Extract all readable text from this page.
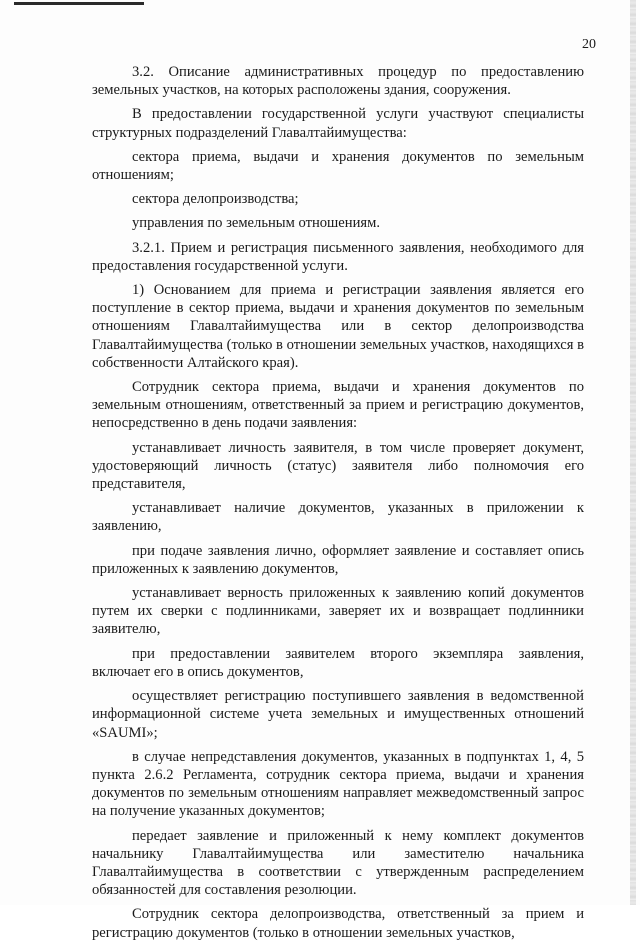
20

3.2. Описание административных процедур по предоставлению земельных участков, на которых расположены здания, сооружения.

В предоставлении государственной услуги участвуют специалисты структурных подразделений Главалтайимущества:

сектора приема, выдачи и хранения документов по земельным отношениям;

сектора делопроизводства;

управления по земельным отношениям.

3.2.1. Прием и регистрация письменного заявления, необходимого для предоставления государственной услуги.

1) Основанием для приема и регистрации заявления является его поступление в сектор приема, выдачи и хранения документов по земельным отношениям Главалтайимущества или в сектор делопроизводства Главалтайимущества (только в отношении земельных участков, находящихся в собственности Алтайского края).

Сотрудник сектора приема, выдачи и хранения документов по земельным отношениям, ответственный за прием и регистрацию документов, непосредственно в день подачи заявления:

устанавливает личность заявителя, в том числе проверяет документ, удостоверяющий личность (статус) заявителя либо полномочия его представителя,

устанавливает наличие документов, указанных в приложении к заявлению,

при подаче заявления лично, оформляет заявление и составляет опись приложенных к заявлению документов,

устанавливает верность приложенных к заявлению копий документов путем их сверки с подлинниками, заверяет их и возвращает подлинники заявителю,

при предоставлении заявителем второго экземпляра заявления, включает его в опись документов,

осуществляет регистрацию поступившего заявления в ведомственной информационной системе учета земельных и имущественных отношений «SAUMI»;

в случае непредставления документов, указанных в подпунктах 1, 4, 5 пункта 2.6.2 Регламента, сотрудник сектора приема, выдачи и хранения документов по земельным отношениям направляет межведомственный запрос на получение указанных документов;

передает заявление и приложенный к нему комплект документов начальнику Главалтайимущества или заместителю начальника Главалтайимущества в соответствии с утвержденным распределением обязанностей для составления резолюции.

Сотрудник сектора делопроизводства, ответственный за прием и регистрацию документов (только в отношении земельных участков,
